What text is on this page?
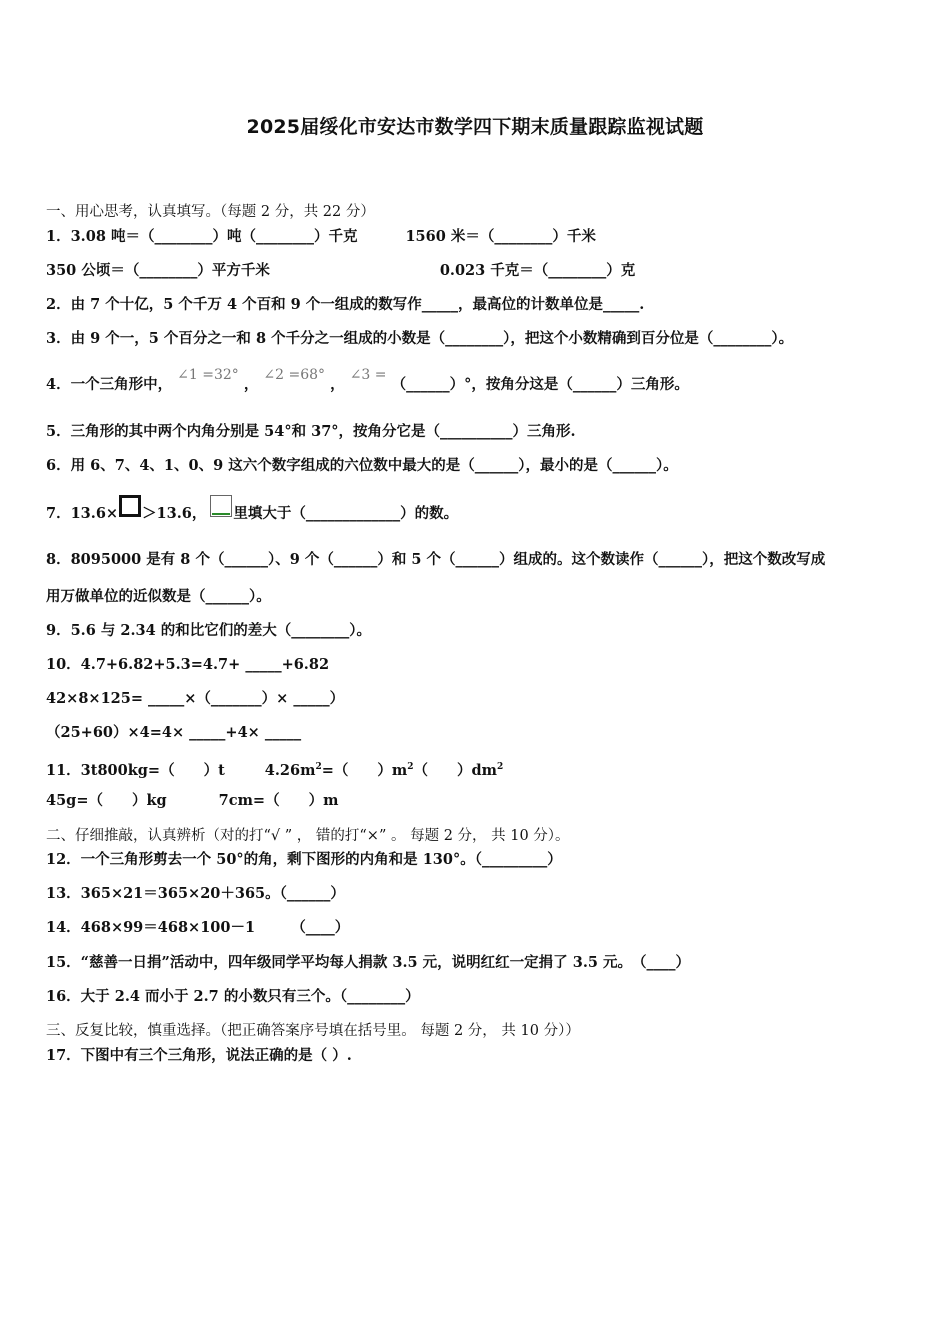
2025届绥化市安达市数学四下期末质量跟踪监视试题
一、用心思考，认真填写。（每题 2 分，共 22 分）
1．3.08 吨＝（________）吨（________）千克	1560 米＝（________）千米
350 公顷＝（________）平方千米	0.023 千克＝（________）克
2．由 7 个十亿，5 个千万 4 个百和 9 个一组成的数写作_____，最高位的计数单位是_____.
3．由 9 个一，5 个百分之一和 8 个千分之一组成的小数是（________），把这个小数精确到百分位是（________）。
4．一个三角形中， ∠1 =32° ， ∠2 =68° ， ∠3 = （______）°，按角分这是（______）三角形。
5．三角形的其中两个内角分别是 54°和 37°，按角分它是（__________）三角形.
6．用 6、7、4、1、0、9 这六个数字组成的六位数中最大的是（______），最小的是（______）。
7．13.6× ＞13.6， 里填大于（_____________）的数。
8．8095000 是有 8 个（______）、9 个（______）和 5 个（______）组成的。这个数读作（______），把这个数改写成
用万做单位的近似数是（______）。
9．5.6 与 2.34 的和比它们的差大（________）。
10．4.7+6.82+5.3=4.7+ _____+6.82
42×8×125= _____×（_______）× _____）
（25+60）×4=4× _____+4× _____
11．3t800kg=（　　）t	$4.26m^2=$（　　）$m^2$（　　）$dm^2$
45g=（　　）kg	7cm=（　　）m
二、仔细推敲，认真辨析（对的打“√ ” ， 错的打“×” 。 每题 2 分， 共 10 分）。
12．一个三角形剪去一个 50°的角，剩下图形的内角和是 130°。（_________）
13．365×21＝365×20＋365。（______）
14．468×99＝468×100－1　　　（____）
15．“慈善一日捐”活动中，四年级同学平均每人捐款 3.5 元，说明红红一定捐了 3.5 元。　（____）
16．大于 2.4 而小于 2.7 的小数只有三个。（________）
三、反复比较，慎重选择。（把正确答案序号填在括号里。 每题 2 分， 共 10 分））
17．下图中有三个三角形，说法正确的是（ ）.
